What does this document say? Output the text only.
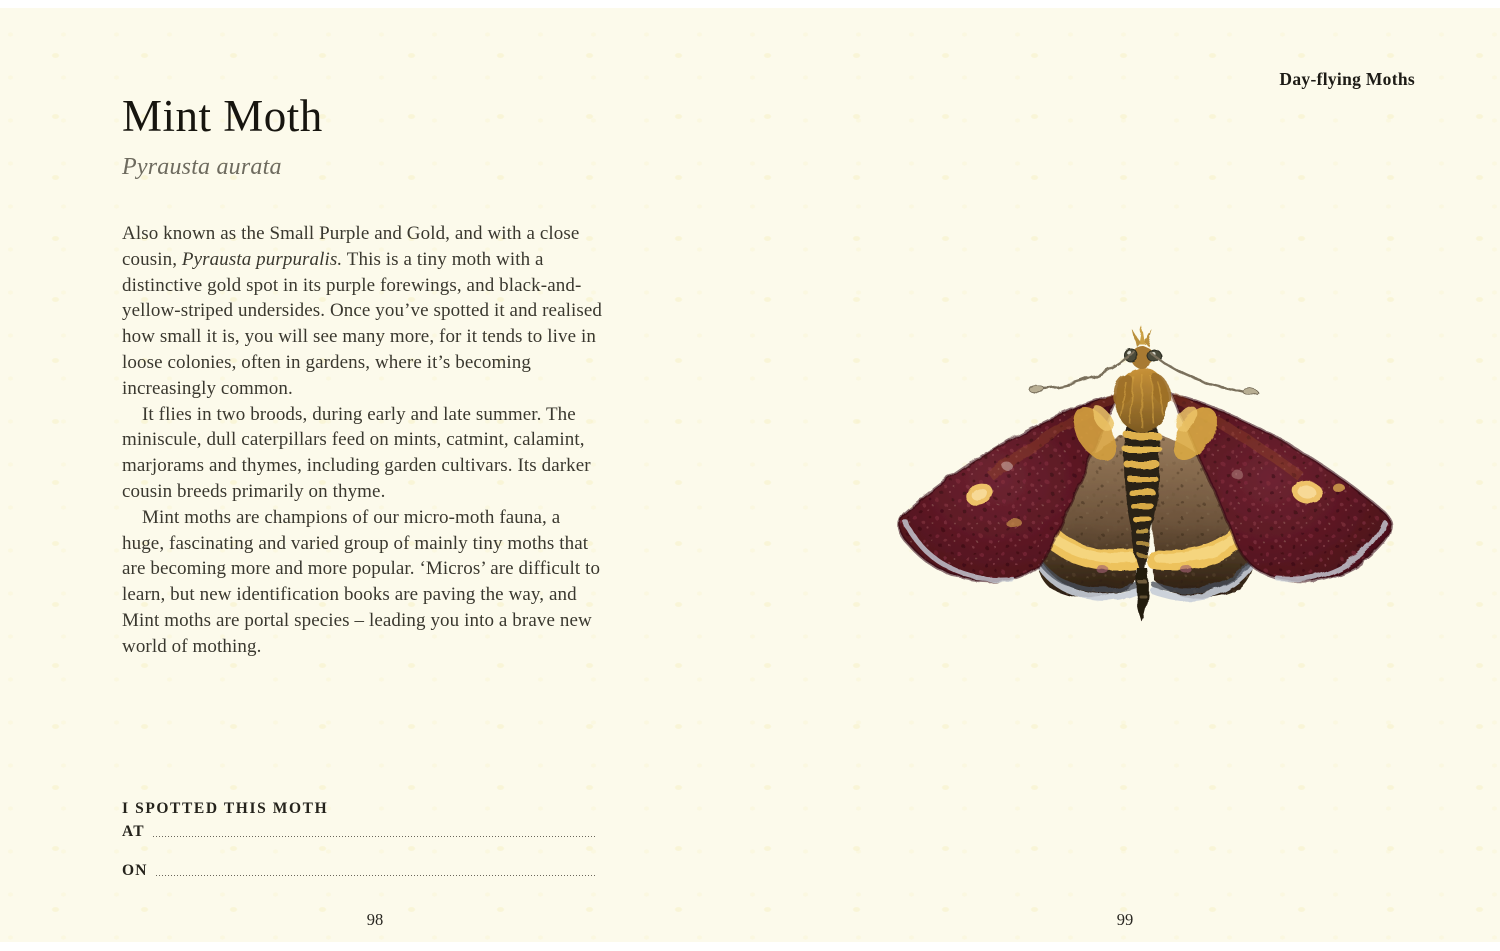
Mint Moth
Pyrausta aurata

Also known as the Small Purple and Gold, and with a close cousin, Pyrausta purpuralis. This is a tiny moth with a distinctive gold spot in its purple forewings, and black-and-yellow-striped undersides. Once you’ve spotted it and realised how small it is, you will see many more, for it tends to live in loose colonies, often in gardens, where it’s becoming increasingly common.

It flies in two broods, during early and late summer. The miniscule, dull caterpillars feed on mints, catmint, calamint, marjorams and thymes, including garden cultivars. Its darker cousin breeds primarily on thyme.

Mint moths are champions of our micro-moth fauna, a huge, fascinating and varied group of mainly tiny moths that are becoming more and more popular. ‘Micros’ are difficult to learn, but new identification books are paving the way, and Mint moths are portal species – leading you into a brave new world of mothing.

I SPOTTED THIS MOTH
AT
ON
98
Day-flying Moths
99
